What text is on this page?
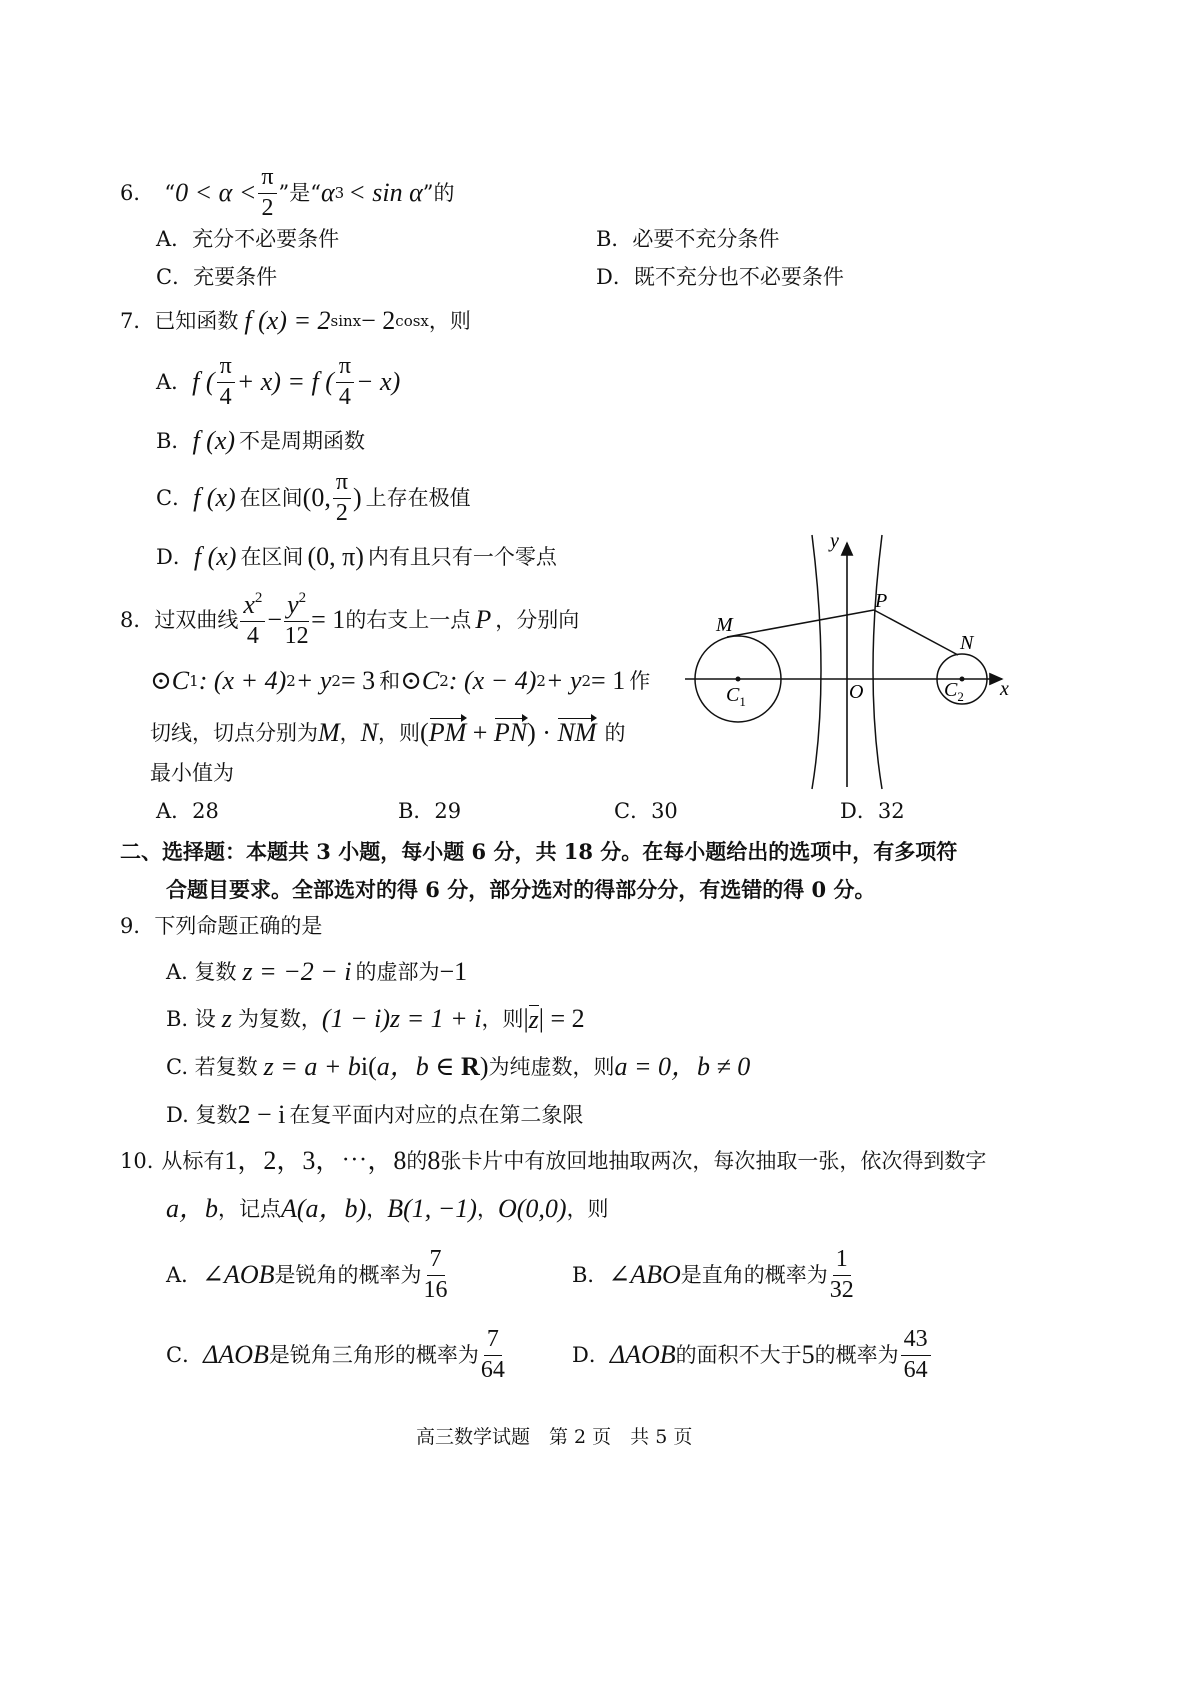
6． “ $0 < \alpha < \frac{\pi}{2}$ ”是“ α 3 < sin α ”的
A．充分不必要条件	B．必要不充分条件
C．充要条件	D．既不充分也不必要条件
7． 已知函数 f (x) = 2 sinx − 2 cosx ，则
A． f ( $\frac{\pi}{4} + x) = f$ ( $\frac{\pi}{4} - x$)
B． f (x) 不是周期函数
C． f (x) 在区间 (0, $\frac{\pi}{2}$ ) 上存在极值
D． f (x) 在区间 (0, π) 内有且只有一个零点
8． 过双曲线 $\frac{x^2}{4} - \frac{y^2}{12} = 1$ 的右支上一点 P ，分别向
⊙C 1 : (x + 4) 2 + y 2 = 3 和 ⊙C 2 : (x − 4) 2 + y 2 = 1 作
切线，切点分别为 M ， N ，则 ( PM + PN ) · NM 的
最小值为
A．28	B．29	C．30	D．32
y
x
P
M
N
O
$C_1$
$C_2$
二、选择题：本题共 3 小题，每小题 6 分，共 18 分。在每小题给出的选项中，有多项符
合题目要求。全部选对的得 6 分，部分选对的得部分分，有选错的得 0 分。
9．下列命题正确的是
A. 复数 z = −2 − i 的虚部为 −1
B. 设 z 为复数， (1 − i)z = 1 + i ，则 | z | = 2
C. 若复数 z = a + b i( a，b ∈ R ) 为纯虚数，则 a = 0，b ≠ 0
D. 复数 2 − i 在复平面内对应的点在第二象限
10. 从标有 1，2，3，⋯，8 的 8 张卡片中有放回地抽取两次，每次抽取一张，依次得到数字
a，b ，记点 A(a，b) ， B(1, −1) ， O(0,0) ，则
A． ∠AOB 是锐角的概率为 $\frac{7}{16}$	B． ∠ABO 是直角的概率为 $\frac{1}{32}$
C． ΔAOB 是锐角三角形的概率为 $\frac{7}{64}$	D． ΔAOB 的面积不大于 5 的概率为 $\frac{43}{64}$
高三数学试题　第 2 页　共 5 页
